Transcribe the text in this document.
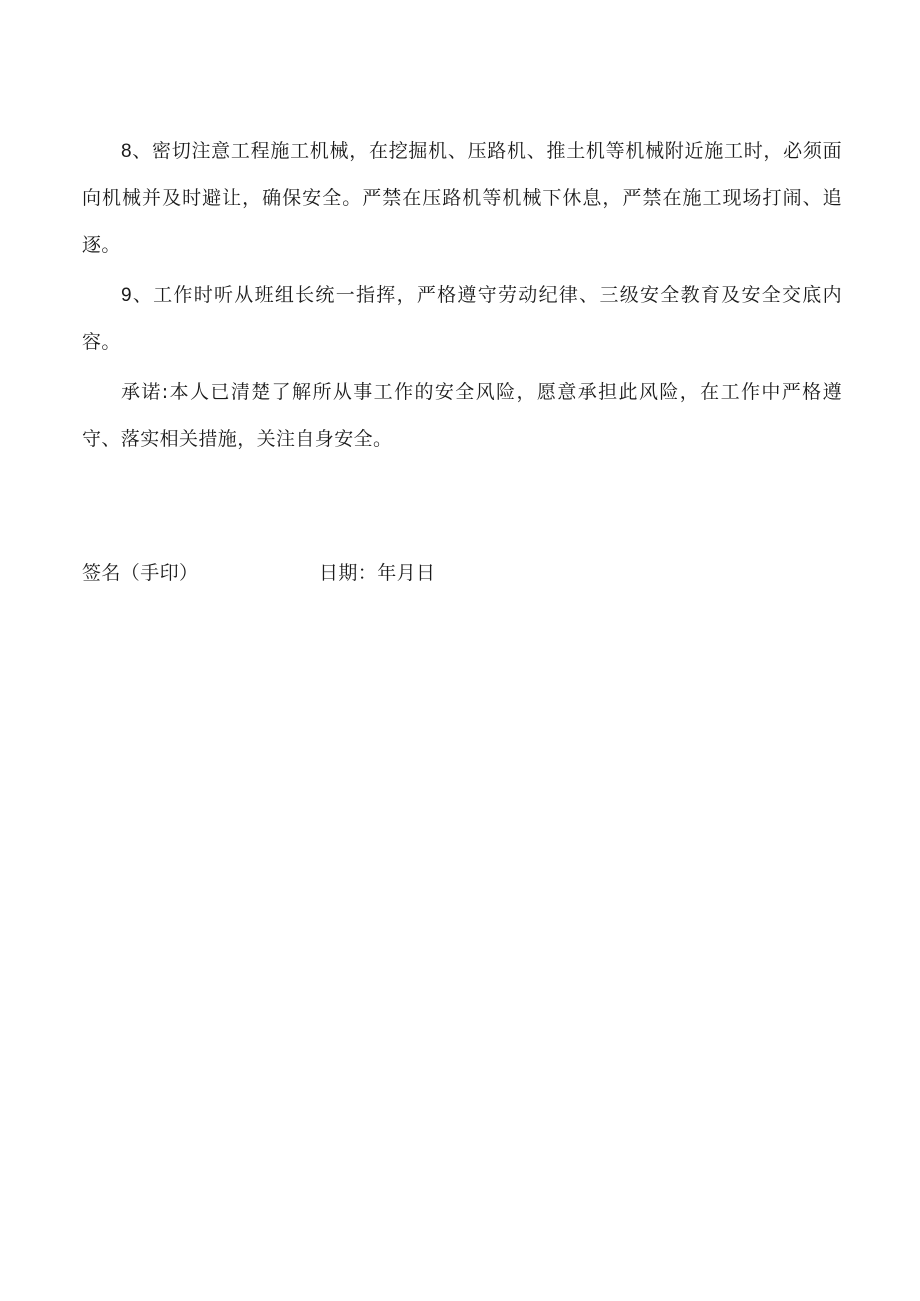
8、密切注意工程施工机械，在挖掘机、压路机、推土机等机械附近施工时，必须面向机械并及时避让，确保安全。严禁在压路机等机械下休息，严禁在施工现场打闹、追逐。

9、工作时听从班组长统一指挥，严格遵守劳动纪律、三级安全教育及安全交底内容。

承诺:本人已清楚了解所从事工作的安全风险，愿意承担此风险，在工作中严格遵守、落实相关措施，关注自身安全。

签名（手印）	日期：年月日
